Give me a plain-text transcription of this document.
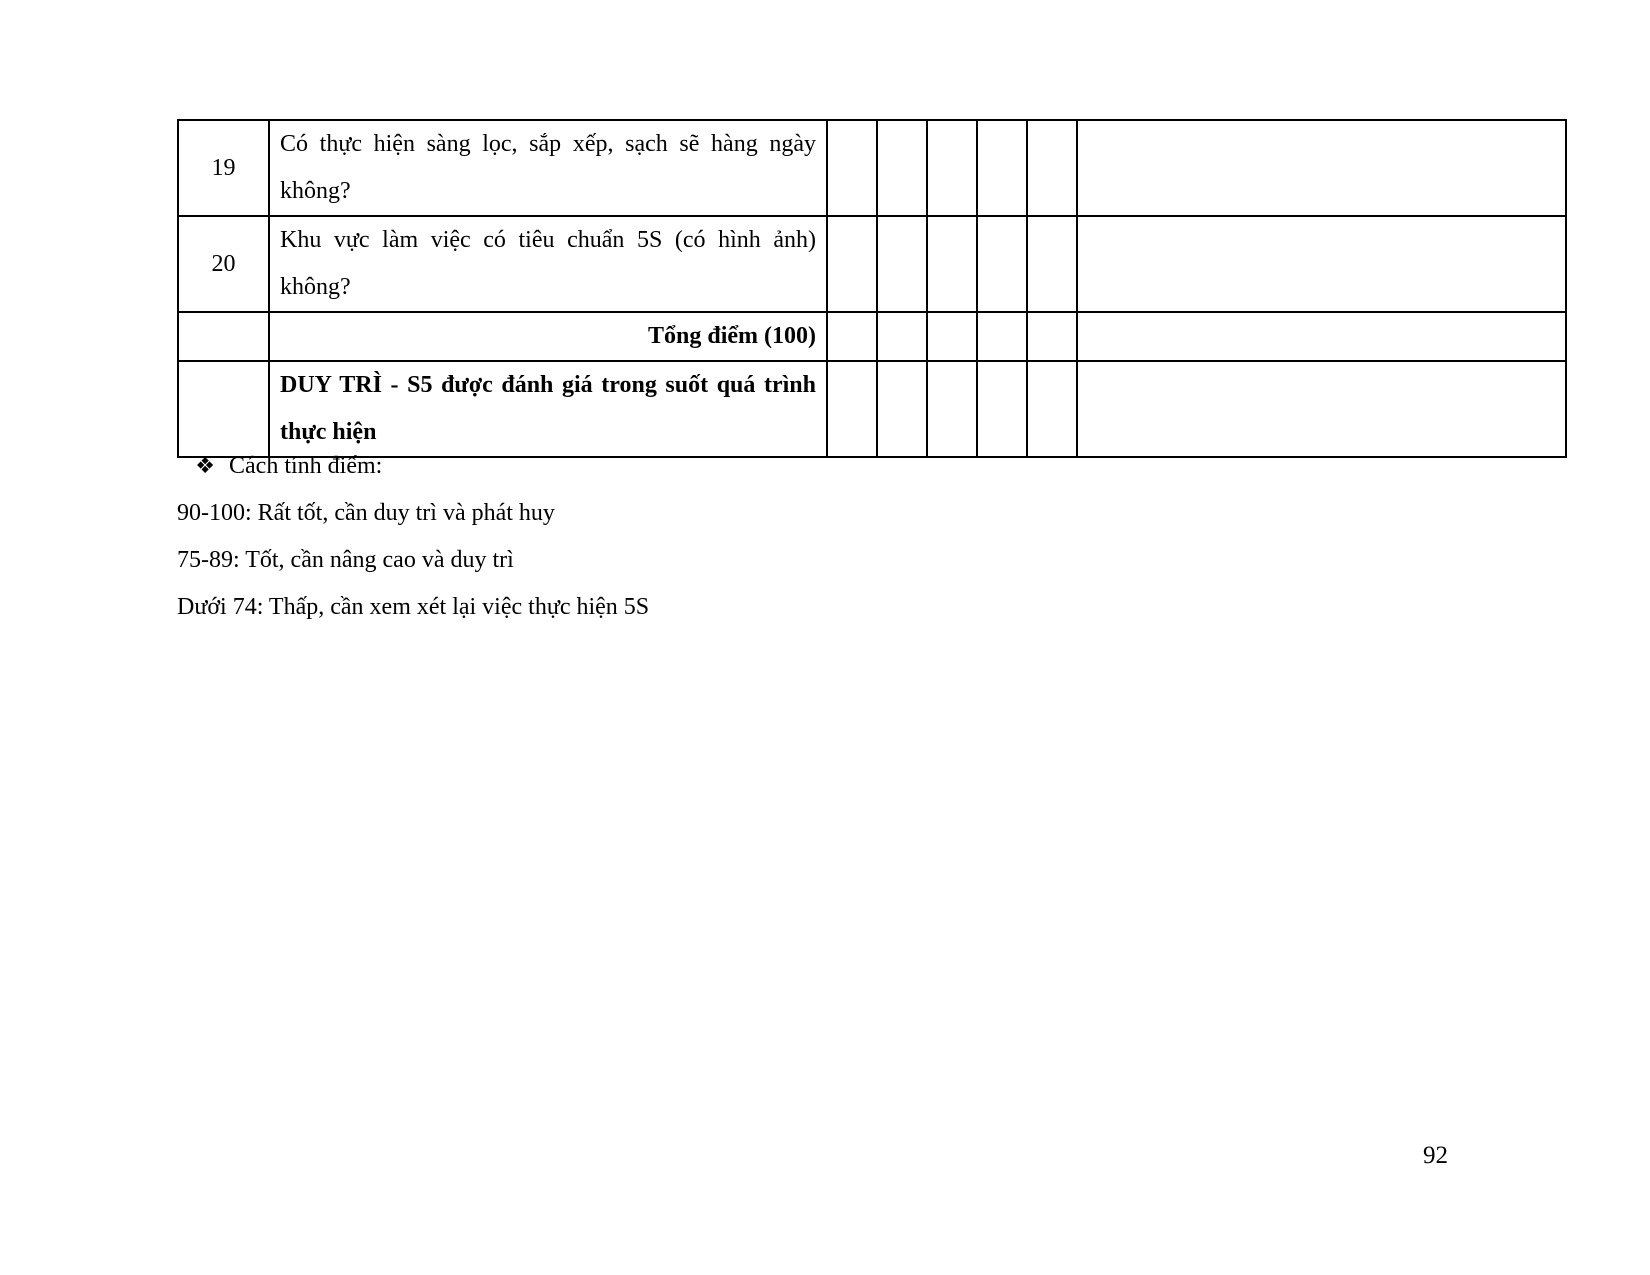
19	Có thực hiện sàng lọc, sắp xếp, sạch sẽ hàng ngày không?						
20	Khu vực làm việc có tiêu chuẩn 5S (có hình ảnh) không?						
	Tổng điểm (100)						
	DUY TRÌ - S5 được đánh giá trong suốt quá trình thực hiện						
❖ Cách tính điểm:
90-100: Rất tốt, cần duy trì và phát huy
75-89: Tốt, cần nâng cao và duy trì
Dưới 74: Thấp, cần xem xét lại việc thực hiện 5S
92
